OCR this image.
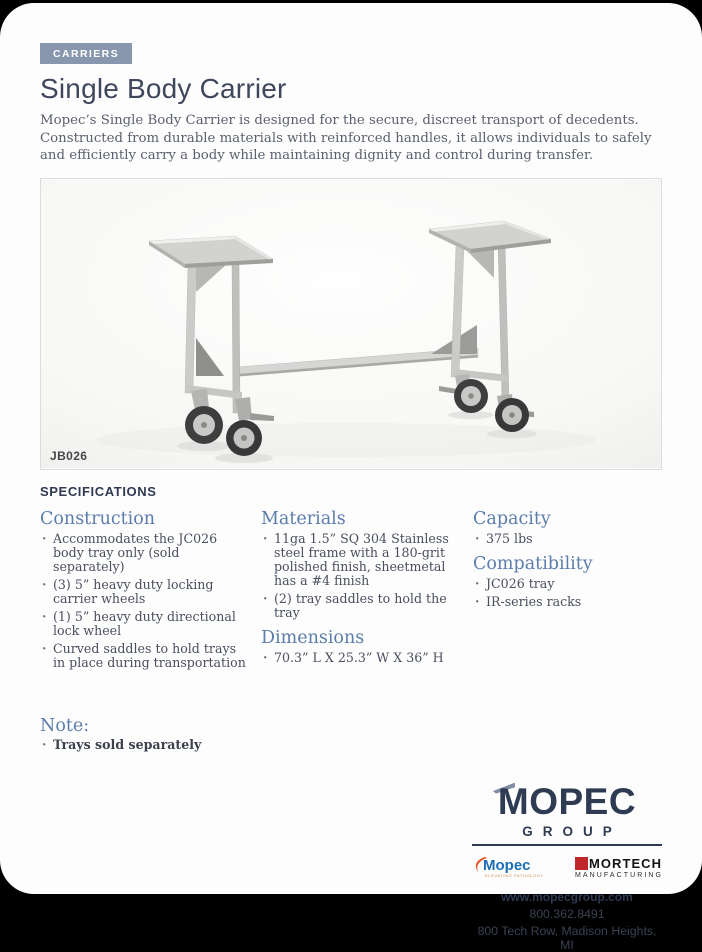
CARRIERS
Single Body Carrier

Mopec’s Single Body Carrier is designed for the secure, discreet transport of decedents. Constructed from durable materials with reinforced handles, it allows individuals to safely and efficiently carry a body while maintaining dignity and control during transfer.

JB026
SPECIFICATIONS
Construction
· Accommodates the JC026 body tray only (sold separately)
· (3) 5” heavy duty locking carrier wheels
· (1) 5” heavy duty directional lock wheel
· Curved saddles to hold trays in place during transportation
Materials
· 11ga 1.5” SQ 304 Stainless steel frame with a 180-grit polished finish, sheetmetal has a #4 finish
· (2) tray saddles to hold the tray
Dimensions
· 70.3” L X 25.3” W X 36” H
Capacity
· 375 lbs
Compatibility
· JC026 tray
· IR-series racks
Note:
· Trays sold separately
MOPEC
GROUP
Mopec
ELEVATING PATHOLOGY
MORTECH
MANUFACTURING
www.mopecgroup.com
800.362.8491
800 Tech Row, Madison Heights, MI
